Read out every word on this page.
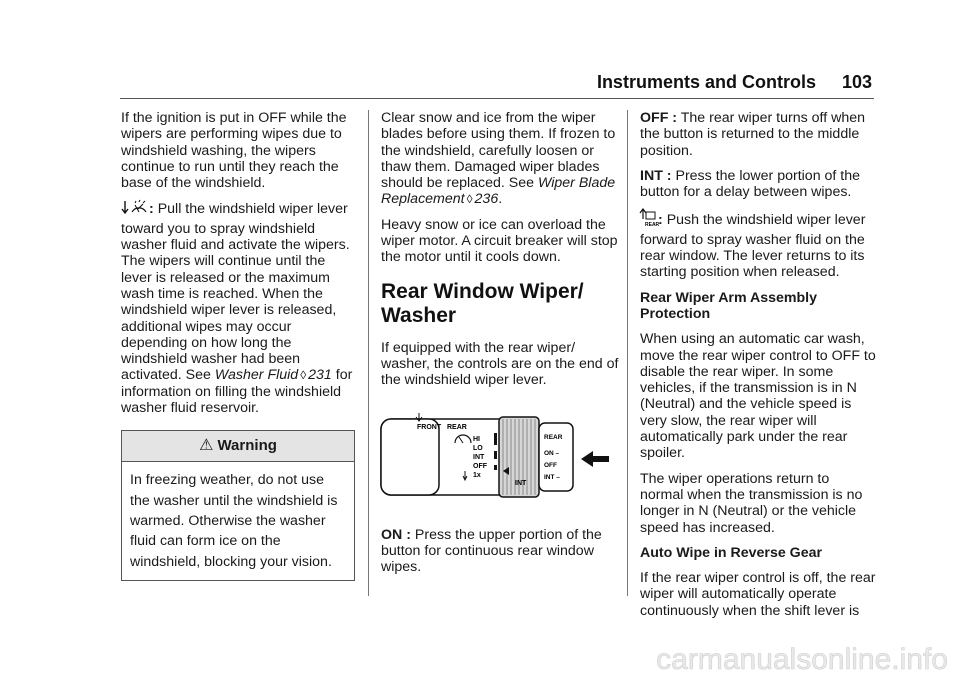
Instruments and Controls 103

If the ignition is put in OFF while the wipers are performing wipes due to windshield washing, the wipers continue to run until they reach the base of the windshield.

: Pull the windshield wiper lever toward you to spray windshield washer fluid and activate the wipers. The wipers will continue until the lever is released or the maximum wash time is reached. When the windshield wiper lever is released, additional wipes may occur depending on how long the windshield washer had been activated. See Washer Fluid ◊ 231 for information on filling the windshield washer fluid reservoir.

⚠ Warning
In freezing weather, do not use the washer until the windshield is warmed. Otherwise the washer fluid can form ice on the windshield, blocking your vision.

Clear snow and ice from the wiper blades before using them. If frozen to the windshield, carefully loosen or thaw them. Damaged wiper blades should be replaced. See Wiper Blade Replacement ◊ 236.

Heavy snow or ice can overload the wiper motor. A circuit breaker will stop the motor until it cools down.

Rear Window Wiper/ Washer

If equipped with the rear wiper/ washer, the controls are on the end of the windshield wiper lever.

FRONT REAR
HI
LO
INT
OFF
1x
INT
REAR
ON –
OFF
INT –

ON : Press the upper portion of the button for continuous rear window wipes.

OFF : The rear wiper turns off when the button is returned to the middle position.

INT : Press the lower portion of the button for a delay between wipes.

REAR
: Push the windshield wiper lever forward to spray washer fluid on the rear window. The lever returns to its starting position when released.

Rear Wiper Arm Assembly Protection

When using an automatic car wash, move the rear wiper control to OFF to disable the rear wiper. In some vehicles, if the transmission is in N (Neutral) and the vehicle speed is very slow, the rear wiper will automatically park under the rear spoiler.

The wiper operations return to normal when the transmission is no longer in N (Neutral) or the vehicle speed has increased.

Auto Wipe in Reverse Gear

If the rear wiper control is off, the rear wiper will automatically operate continuously when the shift lever is

carmanualsonline.info
